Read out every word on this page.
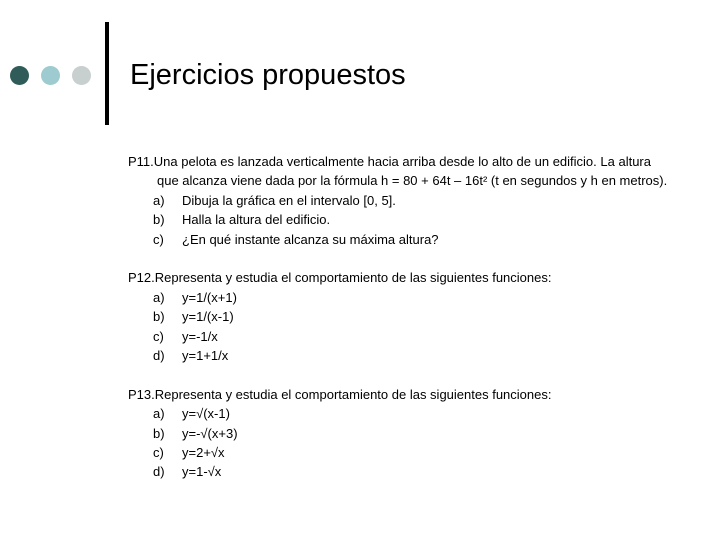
Ejercicios propuestos

P11.Una pelota es lanzada verticalmente hacia arriba desde lo alto de un edificio. La altura que alcanza viene dada por la fórmula h = 80 + 64t – 16t² (t en segundos y h en metros).

a) Dibuja la gráfica en el intervalo [0, 5].

b) Halla la altura del edificio.

c) ¿En qué instante alcanza su máxima altura?

P12.Representa y estudia el comportamiento de las siguientes funciones:

a) y=1/(x+1)

b) y=1/(x-1)

c) y=-1/x

d) y=1+1/x

P13.Representa y estudia el comportamiento de las siguientes funciones:

a) y=√(x-1)

b) y=-√(x+3)

c) y=2+√x

d) y=1-√x
